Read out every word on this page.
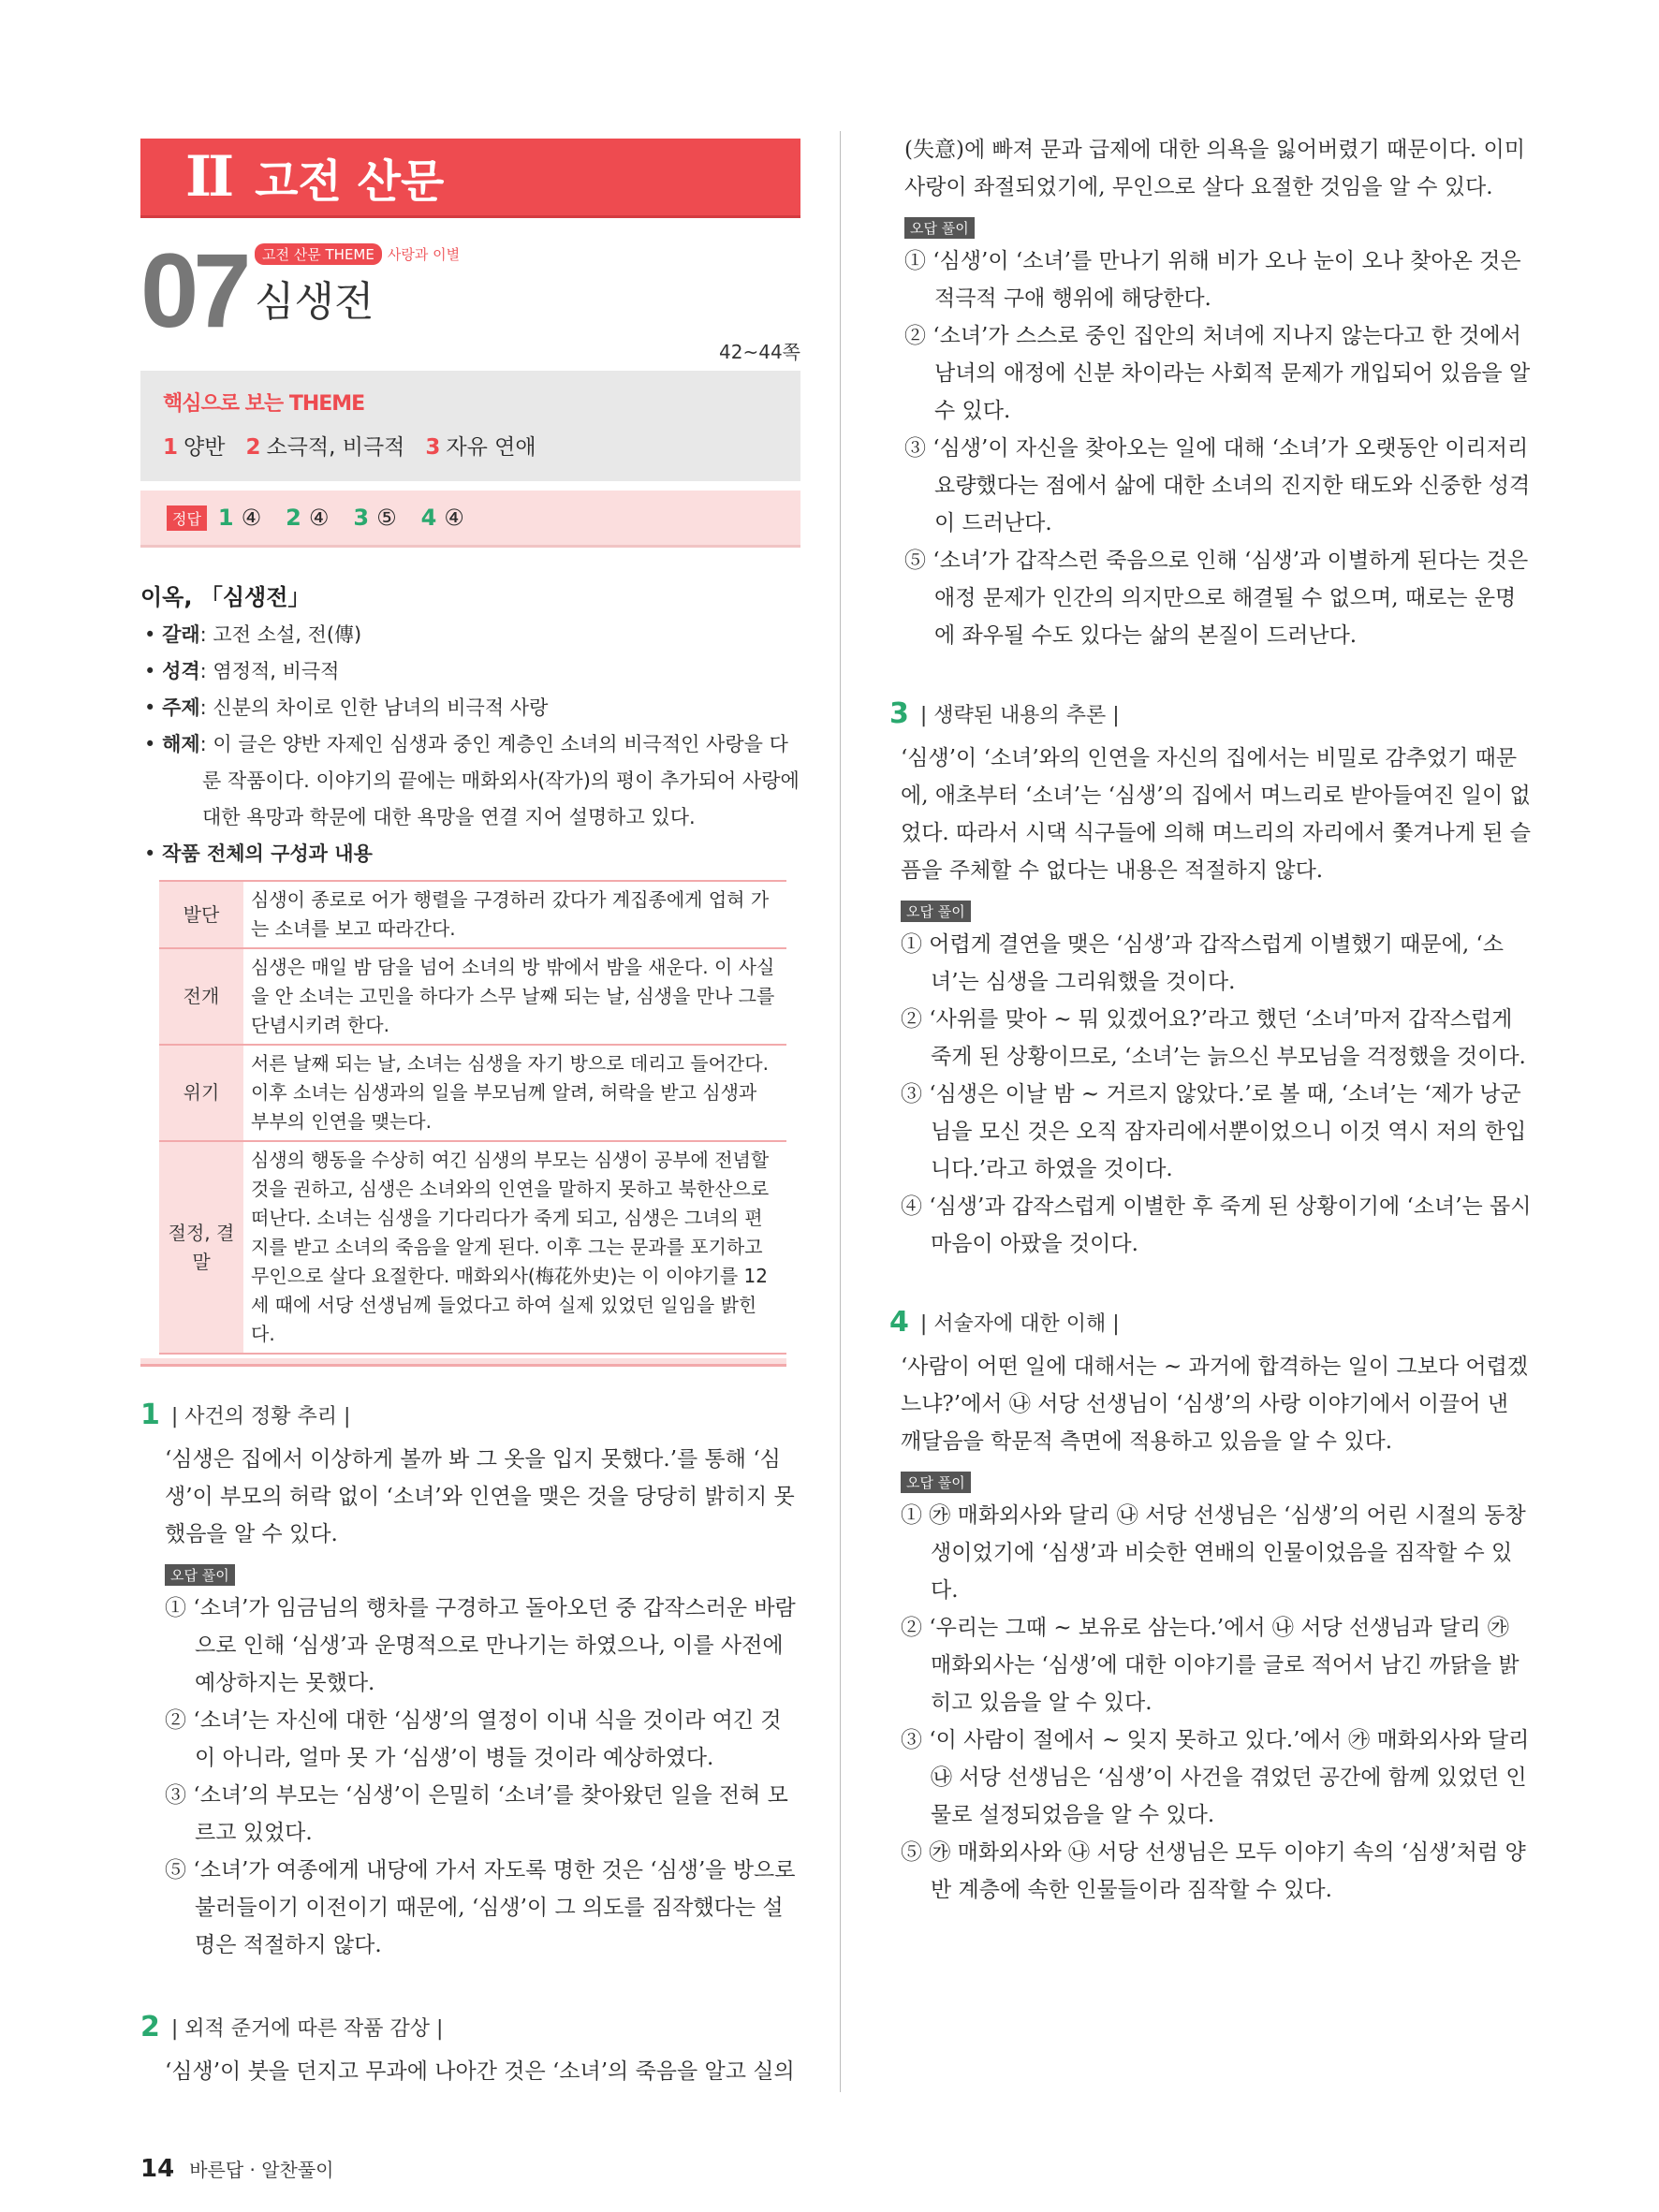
II 고전 산문
07	고전 산문 THEME 사랑과 이별
심생전
42~44쪽
핵심으로 보는 THEME
1 양반 2 소극적, 비극적 3 자유 연애
정답 1 ④ 2 ④ 3 ⑤ 4 ④
이옥, 「심생전」
• 갈래: 고전 소설, 전(傳)
• 성격: 염정적, 비극적
• 주제: 신분의 차이로 인한 남녀의 비극적 사랑
• 해제: 이 글은 양반 자제인 심생과 중인 계층인 소녀의 비극적인 사랑을 다룬 작품이다. 이야기의 끝에는 매화외사(작가)의 평이 추가되어 사랑에 대한 욕망과 학문에 대한 욕망을 연결 지어 설명하고 있다.
• 작품 전체의 구성과 내용
발단	심생이 종로로 어가 행렬을 구경하러 갔다가 계집종에게 업혀 가는 소녀를 보고 따라간다.
전개	심생은 매일 밤 담을 넘어 소녀의 방 밖에서 밤을 새운다. 이 사실을 안 소녀는 고민을 하다가 스무 날째 되는 날, 심생을 만나 그를 단념시키려 한다.
위기	서른 날째 되는 날, 소녀는 심생을 자기 방으로 데리고 들어간다. 이후 소녀는 심생과의 일을 부모님께 알려, 허락을 받고 심생과 부부의 인연을 맺는다.
절정, 결말	심생의 행동을 수상히 여긴 심생의 부모는 심생이 공부에 전념할 것을 권하고, 심생은 소녀와의 인연을 말하지 못하고 북한산으로 떠난다. 소녀는 심생을 기다리다가 죽게 되고, 심생은 그녀의 편지를 받고 소녀의 죽음을 알게 된다. 이후 그는 문과를 포기하고 무인으로 살다 요절한다. 매화외사(梅花外史)는 이 이야기를 12세 때에 서당 선생님께 들었다고 하여 실제 있었던 일임을 밝힌다.
1 | 사건의 정황 추리 |
‘심생은 집에서 이상하게 볼까 봐 그 옷을 입지 못했다.’를 통해 ‘심생’이 부모의 허락 없이 ‘소녀’와 인연을 맺은 것을 당당히 밝히지 못했음을 알 수 있다.
오답 풀이
① ‘소녀’가 임금님의 행차를 구경하고 돌아오던 중 갑작스러운 바람으로 인해 ‘심생’과 운명적으로 만나기는 하였으나, 이를 사전에 예상하지는 못했다.
② ‘소녀’는 자신에 대한 ‘심생’의 열정이 이내 식을 것이라 여긴 것이 아니라, 얼마 못 가 ‘심생’이 병들 것이라 예상하였다.
③ ‘소녀’의 부모는 ‘심생’이 은밀히 ‘소녀’를 찾아왔던 일을 전혀 모르고 있었다.
⑤ ‘소녀’가 여종에게 내당에 가서 자도록 명한 것은 ‘심생’을 방으로 불러들이기 이전이기 때문에, ‘심생’이 그 의도를 짐작했다는 설명은 적절하지 않다.
2 | 외적 준거에 따른 작품 감상 |
‘심생’이 붓을 던지고 무과에 나아간 것은 ‘소녀’의 죽음을 알고 실의
(失意)에 빠져 문과 급제에 대한 의욕을 잃어버렸기 때문이다. 이미 사랑이 좌절되었기에, 무인으로 살다 요절한 것임을 알 수 있다.
오답 풀이
① ‘심생’이 ‘소녀’를 만나기 위해 비가 오나 눈이 오나 찾아온 것은 적극적 구애 행위에 해당한다.
② ‘소녀’가 스스로 중인 집안의 처녀에 지나지 않는다고 한 것에서 남녀의 애정에 신분 차이라는 사회적 문제가 개입되어 있음을 알 수 있다.
③ ‘심생’이 자신을 찾아오는 일에 대해 ‘소녀’가 오랫동안 이리저리 요량했다는 점에서 삶에 대한 소녀의 진지한 태도와 신중한 성격이 드러난다.
⑤ ‘소녀’가 갑작스런 죽음으로 인해 ‘심생’과 이별하게 된다는 것은 애정 문제가 인간의 의지만으로 해결될 수 없으며, 때로는 운명에 좌우될 수도 있다는 삶의 본질이 드러난다.
3 | 생략된 내용의 추론 |
‘심생’이 ‘소녀’와의 인연을 자신의 집에서는 비밀로 감추었기 때문에, 애초부터 ‘소녀’는 ‘심생’의 집에서 며느리로 받아들여진 일이 없었다. 따라서 시댁 식구들에 의해 며느리의 자리에서 쫓겨나게 된 슬픔을 주체할 수 없다는 내용은 적절하지 않다.
오답 풀이
① 어렵게 결연을 맺은 ‘심생’과 갑작스럽게 이별했기 때문에, ‘소녀’는 심생을 그리워했을 것이다.
② ‘사위를 맞아 ~ 뭐 있겠어요?’라고 했던 ‘소녀’마저 갑작스럽게 죽게 된 상황이므로, ‘소녀’는 늙으신 부모님을 걱정했을 것이다.
③ ‘심생은 이날 밤 ~ 거르지 않았다.’로 볼 때, ‘소녀’는 ‘제가 낭군님을 모신 것은 오직 잠자리에서뿐이었으니 이것 역시 저의 한입니다.’라고 하였을 것이다.
④ ‘심생’과 갑작스럽게 이별한 후 죽게 된 상황이기에 ‘소녀’는 몹시 마음이 아팠을 것이다.
4 | 서술자에 대한 이해 |
‘사람이 어떤 일에 대해서는 ~ 과거에 합격하는 일이 그보다 어렵겠느냐?’에서 ㉯ 서당 선생님이 ‘심생’의 사랑 이야기에서 이끌어 낸 깨달음을 학문적 측면에 적용하고 있음을 알 수 있다.
오답 풀이
① ㉮ 매화외사와 달리 ㉯ 서당 선생님은 ‘심생’의 어린 시절의 동창생이었기에 ‘심생’과 비슷한 연배의 인물이었음을 짐작할 수 있다.
② ‘우리는 그때 ~ 보유로 삼는다.’에서 ㉯ 서당 선생님과 달리 ㉮ 매화외사는 ‘심생’에 대한 이야기를 글로 적어서 남긴 까닭을 밝히고 있음을 알 수 있다.
③ ‘이 사람이 절에서 ~ 잊지 못하고 있다.’에서 ㉮ 매화외사와 달리 ㉯ 서당 선생님은 ‘심생’이 사건을 겪었던 공간에 함께 있었던 인물로 설정되었음을 알 수 있다.
⑤ ㉮ 매화외사와 ㉯ 서당 선생님은 모두 이야기 속의 ‘심생’처럼 양반 계층에 속한 인물들이라 짐작할 수 있다.
14 바른답 · 알찬풀이
